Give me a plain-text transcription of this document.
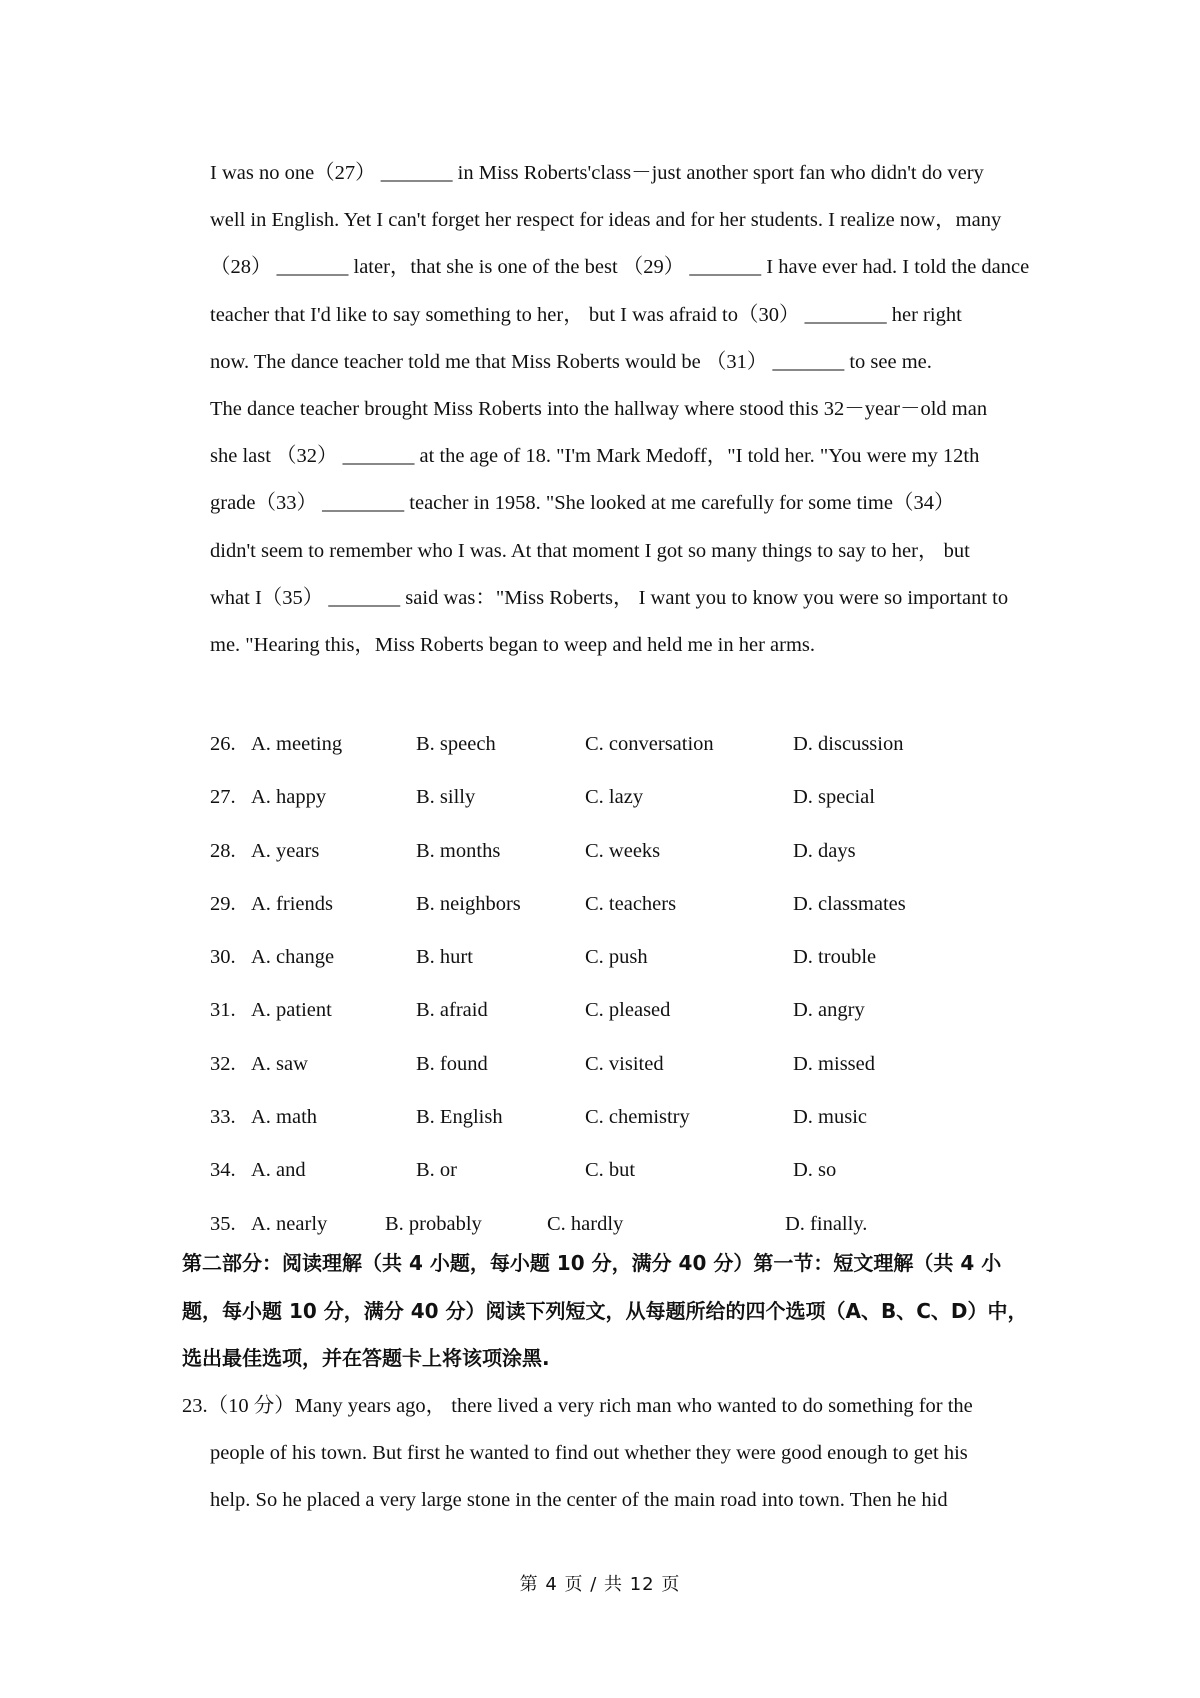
I was no one（27） _______ in Miss Roberts'class－just another sport fan who didn't do very
well in English. Yet I can't forget her respect for ideas and for her students. I realize now，many
（28） _______ later，that she is one of the best （29） _______ I have ever had. I told the dance
teacher that I'd like to say something to her， but I was afraid to（30） ________ her right
now. The dance teacher told me that Miss Roberts would be （31） _______ to see me.
The dance teacher brought Miss Roberts into the hallway where stood this 32－year－old man
she last （32） _______ at the age of 18. "I'm Mark Medoff，"I told her. "You were my 12th
grade（33） ________ teacher in 1958. "She looked at me carefully for some time（34）
didn't seem to remember who I was. At that moment I got so many things to say to her， but
what I（35） _______ said was："Miss Roberts， I want you to know you were so important to
me. "Hearing this，Miss Roberts began to weep and held me in her arms.
26. A. meeting	B. speech	C. conversation	D. discussion
27. A. happy	B. silly	C. lazy	D. special
28. A. years	B. months	C. weeks	D. days
29. A. friends	B. neighbors	C. teachers	D. classmates
30. A. change	B. hurt	C. push	D. trouble
31. A. patient	B. afraid	C. pleased	D. angry
32. A. saw	B. found	C. visited	D. missed
33. A. math	B. English	C. chemistry	D. music
34. A. and	B. or	C. but	D. so
35. A. nearly	B. probably	C. hardly	D. finally.
第二部分：阅读理解（共 4 小题，每小题 10 分，满分 40 分）第一节：短文理解（共 4 小
题，每小题 10 分，满分 40 分）阅读下列短文，从每题所给的四个选项（A、B、C、D）中，
选出最佳选项，并在答题卡上将该项涂黑.
23.（10 分）Many years ago， there lived a very rich man who wanted to do something for the
people of his town. But first he wanted to find out whether they were good enough to get his
help. So he placed a very large stone in the center of the main road into town. Then he hid
第 4 页 / 共 12 页
